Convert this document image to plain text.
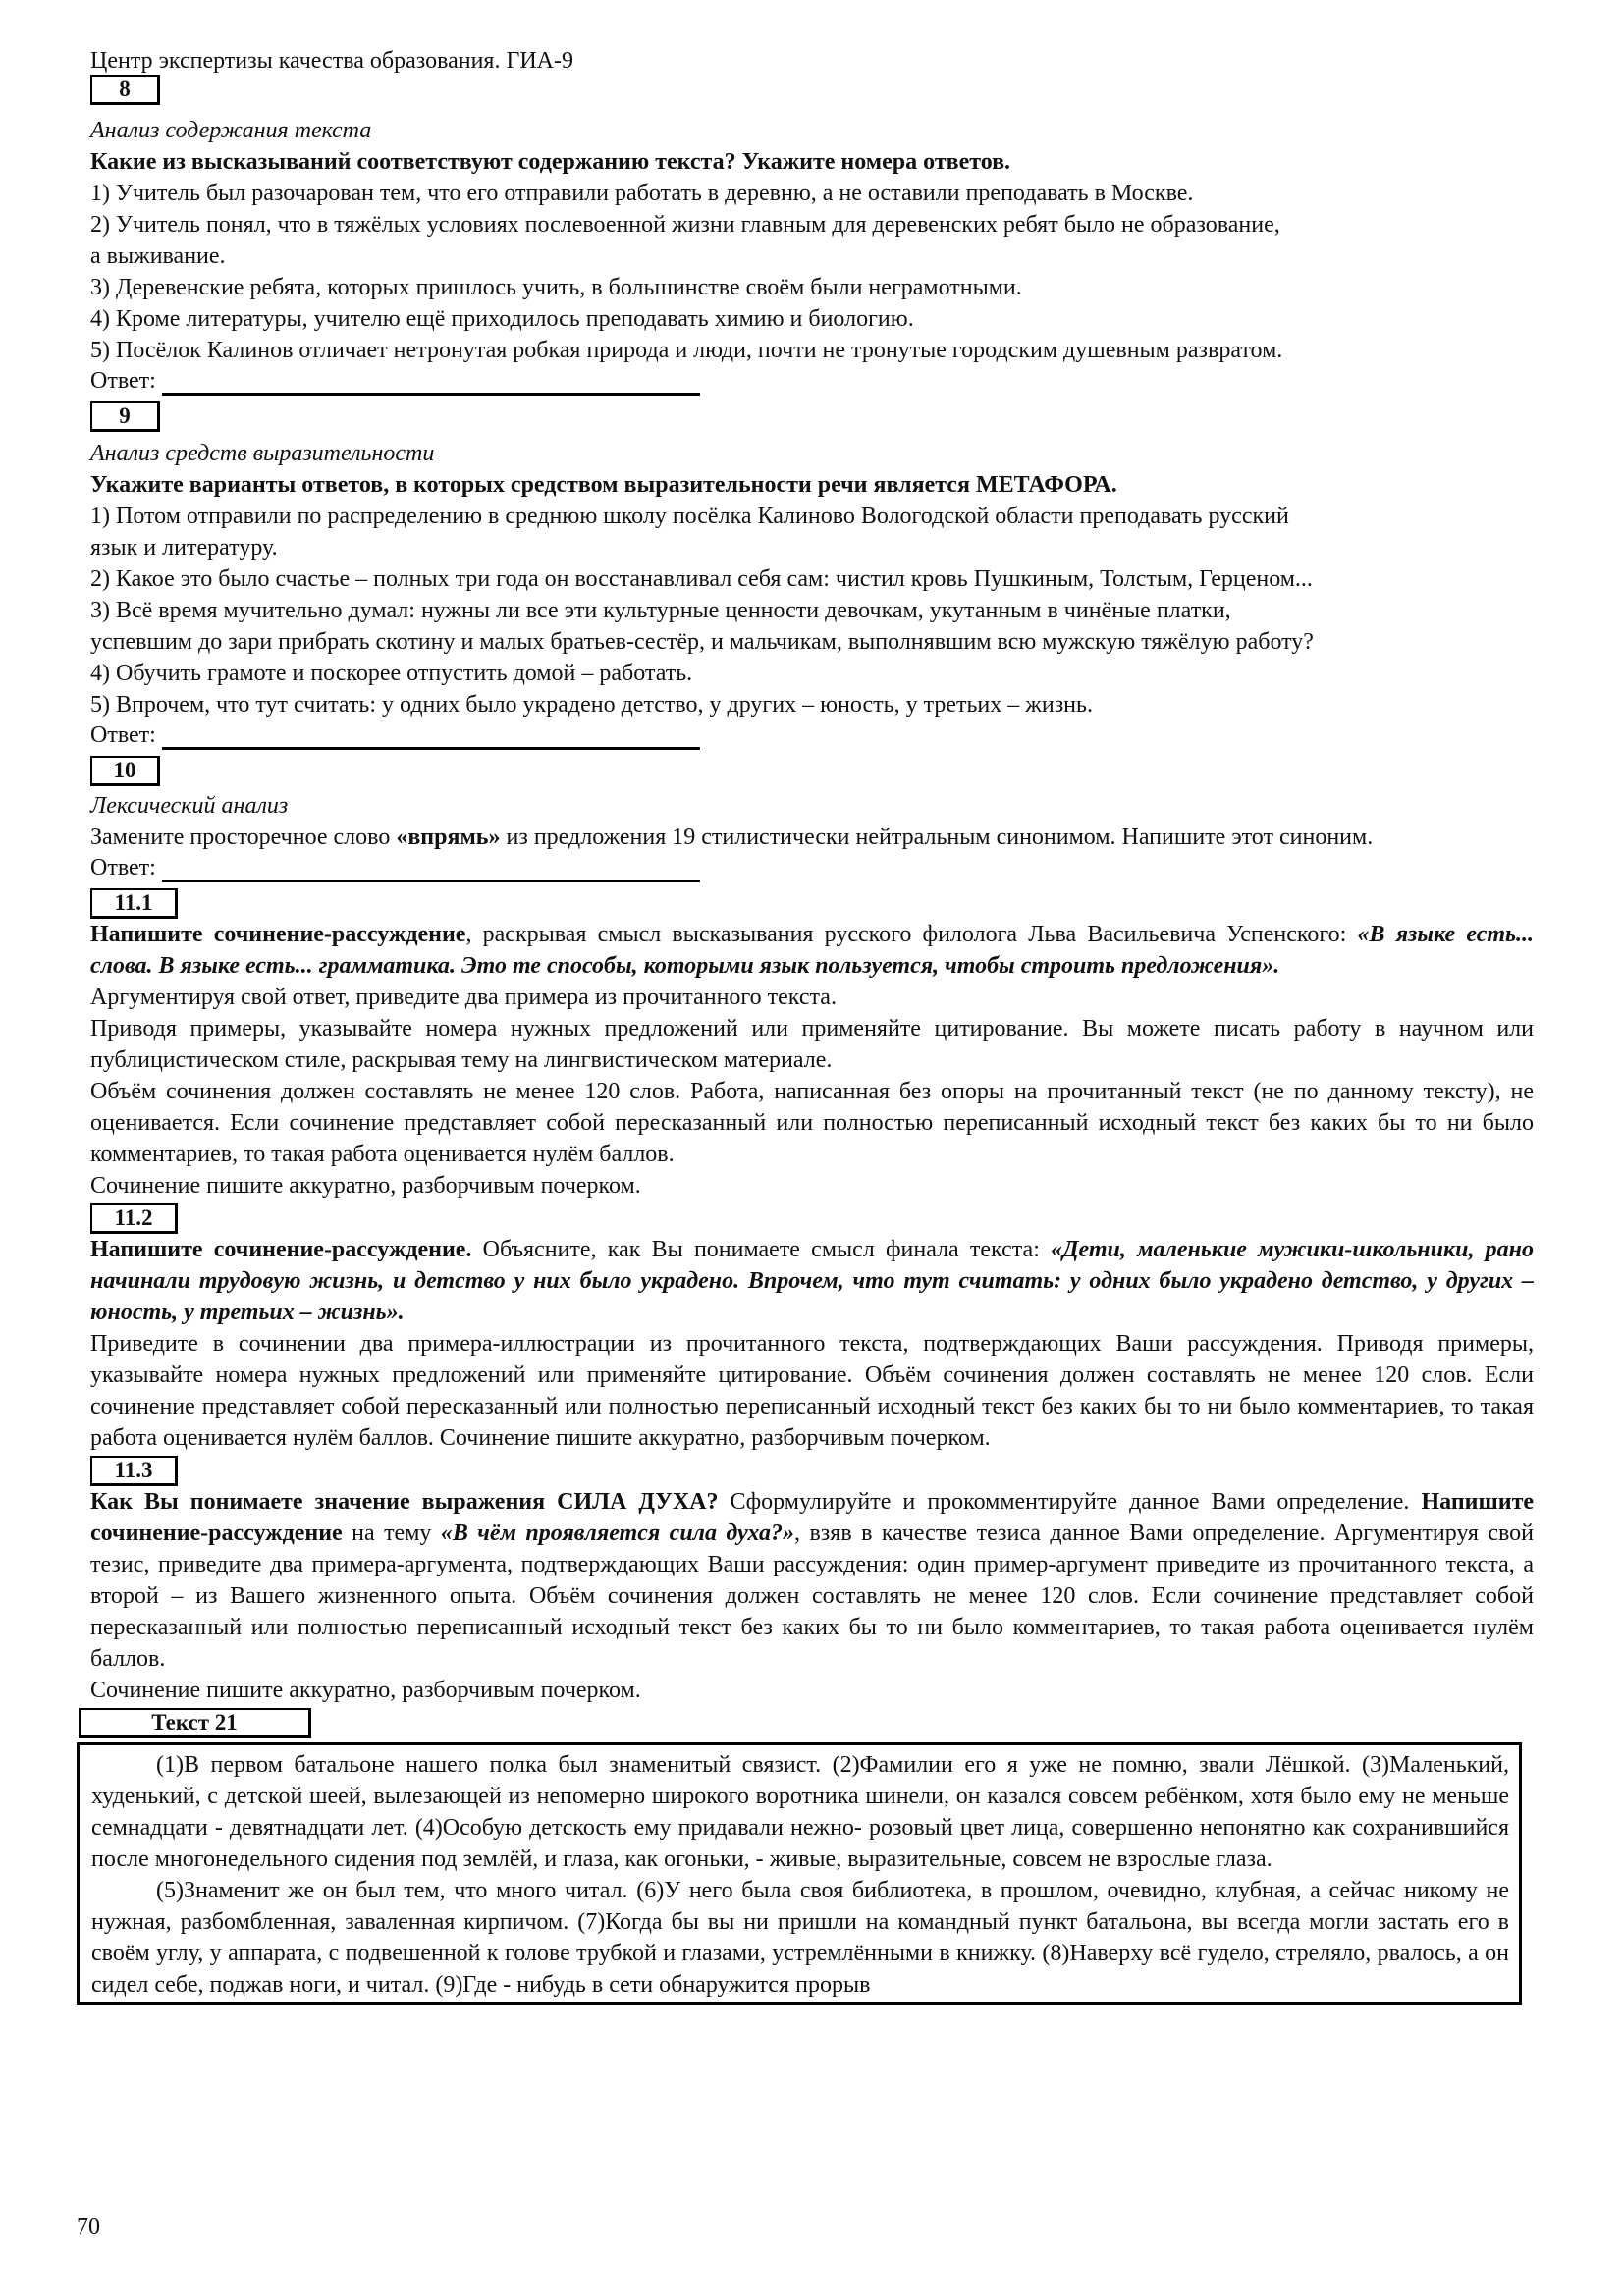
Центр экспертизы качества образования. ГИА-9
8
Анализ содержания текста
Какие из высказываний соответствуют содержанию текста? Укажите номера ответов.
1) Учитель был разочарован тем, что его отправили работать в деревню, а не оставили преподавать в Москве.
2) Учитель понял, что в тяжёлых условиях послевоенной жизни главным для деревенских ребят было не образование,
а выживание.
3) Деревенские ребята, которых пришлось учить, в большинстве своём были неграмотными.
4) Кроме литературы, учителю ещё приходилось преподавать химию и биологию.
5) Посёлок Калинов отличает нетронутая робкая природа и люди, почти не тронутые городским душевным развратом.
Ответ:
9
Анализ средств выразительности
Укажите варианты ответов, в которых средством выразительности речи является МЕТАФОРА.
1) Потом отправили по распределению в среднюю школу посёлка Калиново Вологодской области преподавать русский
язык и литературу.
2) Какое это было счастье – полных три года он восстанавливал себя сам: чистил кровь Пушкиным, Толстым, Герценом...
3) Всё время мучительно думал: нужны ли все эти культурные ценности девочкам, укутанным в чинёные платки,
успевшим до зари прибрать скотину и малых братьев-сестёр, и мальчикам, выполнявшим всю мужскую тяжёлую работу?
4) Обучить грамоте и поскорее отпустить домой – работать.
5) Впрочем, что тут считать: у одних было украдено детство, у других – юность, у третьих – жизнь.
Ответ:
10
Лексический анализ
Замените просторечное слово «впрямь» из предложения 19 стилистически нейтральным синонимом. Напишите этот синоним.
Ответ:
11.1
Напишите сочинение-рассуждение, раскрывая смысл высказывания русского филолога Льва Васильевича Успенского: «В языке есть... слова. В языке есть... грамматика. Это те способы, которыми язык пользуется, чтобы строить предложения».
Аргументируя свой ответ, приведите два примера из прочитанного текста.
Приводя примеры, указывайте номера нужных предложений или применяйте цитирование. Вы можете писать работу в научном или публицистическом стиле, раскрывая тему на лингвистическом материале.
Объём сочинения должен составлять не менее 120 слов. Работа, написанная без опоры на прочитанный текст (не по данному тексту), не оценивается. Если сочинение представляет собой пересказанный или полностью переписанный исходный текст без каких бы то ни было комментариев, то такая работа оценивается нулём баллов.
Сочинение пишите аккуратно, разборчивым почерком.
11.2
Напишите сочинение-рассуждение. Объясните, как Вы понимаете смысл финала текста: «Дети, маленькие мужики-школьники, рано начинали трудовую жизнь, и детство у них было украдено. Впрочем, что тут считать: у одних было украдено детство, у других – юность, у третьих – жизнь».
Приведите в сочинении два примера-иллюстрации из прочитанного текста, подтверждающих Ваши рассуждения. Приводя примеры, указывайте номера нужных предложений или применяйте цитирование. Объём сочинения должен составлять не менее 120 слов. Если сочинение представляет собой пересказанный или полностью переписанный исходный текст без каких бы то ни было комментариев, то такая работа оценивается нулём баллов. Сочинение пишите аккуратно, разборчивым почерком.
11.3
Как Вы понимаете значение выражения СИЛА ДУХА? Сформулируйте и прокомментируйте данное Вами определение. Напишите сочинение-рассуждение на тему «В чём проявляется сила духа?», взяв в качестве тезиса данное Вами определение. Аргументируя свой тезис, приведите два примера-аргумента, подтверждающих Ваши рассуждения: один пример-аргумент приведите из прочитанного текста, а второй – из Вашего жизненного опыта. Объём сочинения должен составлять не менее 120 слов. Если сочинение представляет собой пересказанный или полностью переписанный исходный текст без каких бы то ни было комментариев, то такая работа оценивается нулём баллов.
Сочинение пишите аккуратно, разборчивым почерком.
Текст 21

(1)В первом батальоне нашего полка был знаменитый связист. (2)Фамилии его я уже не помню, звали Лёшкой. (3)Маленький, худенький, с детской шеей, вылезающей из непомерно широкого воротника шинели, он казался совсем ребёнком, хотя было ему не меньше семнадцати - девятнадцати лет. (4)Особую детскость ему придавали нежно- розовый цвет лица, совершенно непонятно как сохранившийся после многонедельного сидения под землёй, и глаза, как огоньки, - живые, выразительные, совсем не взрослые глаза.

(5)Знаменит же он был тем, что много читал. (6)У него была своя библиотека, в прошлом, очевидно, клубная, а сейчас никому не нужная, разбомбленная, заваленная кирпичом. (7)Когда бы вы ни пришли на командный пункт батальона, вы всегда могли застать его в своём углу, у аппарата, с подвешенной к голове трубкой и глазами, устремлёнными в книжку. (8)Наверху всё гудело, стреляло, рвалось, а он сидел себе, поджав ноги, и читал. (9)Где - нибудь в сети обнаружится прорыв

70
